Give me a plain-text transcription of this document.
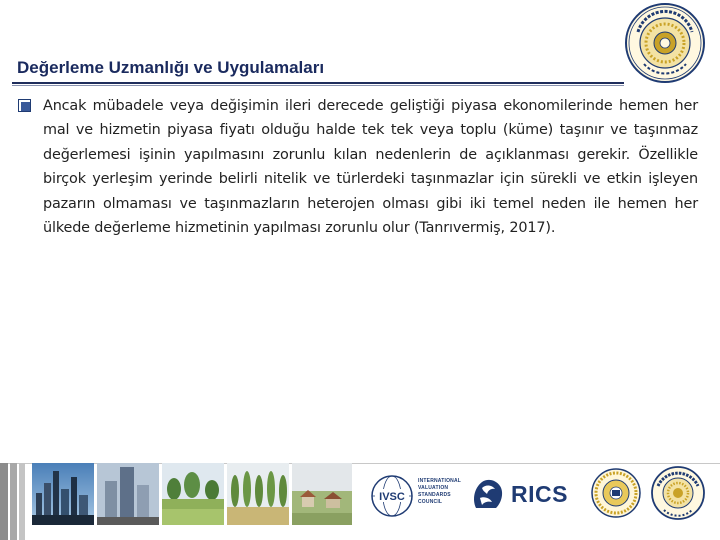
Değerleme Uzmanlığı ve Uygulamaları
Ancak mübadele veya değişimin ileri derecede geliştiği piyasa ekonomilerinde hemen her mal ve hizmetin piyasa fiyatı olduğu halde tek tek veya toplu (küme) taşınır ve taşınmaz değerlemesi işinin yapılmasını zorunlu kılan nedenlerin de açıklanması gerekir. Özellikle birçok yerleşim yerinde belirli nitelik ve türlerdeki taşınmazlar için sürekli ve etkin işleyen pazarın olmaması ve taşınmazların heterojen olması gibi iki temel neden ile hemen her ülkede değerleme hizmetinin yapılması zorunlu olur (Tanrıvermiş, 2017).
IVSC
INTERNATIONAL
VALUATION
STANDARDS
COUNCIL	RICS
